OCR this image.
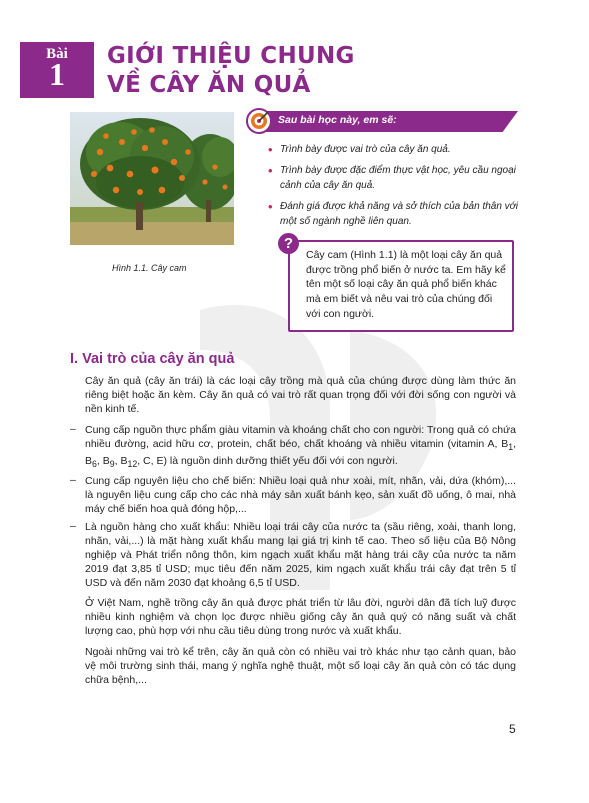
Bài
1	GIỚI THIỆU CHUNG
VỀ CÂY ĂN QUẢ
Hình 1.1. Cây cam
Sau bài học này, em sẽ:
• Trình bày được vai trò của cây ăn quả.
• Trình bày được đặc điểm thực vật học, yêu cầu ngoại cảnh của cây ăn quả.
• Đánh giá được khả năng và sở thích của bản thân với một số ngành nghề liên quan.
?
Cây cam (Hình 1.1) là một loại cây ăn quả được trồng phổ biến ở nước ta. Em hãy kể tên một số loại cây ăn quả phổ biến khác mà em biết và nêu vai trò của chúng đối với con người.
I. Vai trò của cây ăn quả
Cây ăn quả (cây ăn trái) là các loại cây trồng mà quả của chúng được dùng làm thức ăn riêng biệt hoặc ăn kèm. Cây ăn quả có vai trò rất quan trọng đối với đời sống con người và nền kinh tế.
– Cung cấp nguồn thực phẩm giàu vitamin và khoáng chất cho con người: Trong quả có chứa nhiều đường, acid hữu cơ, protein, chất béo, chất khoáng và nhiều vitamin (vitamin A, $B_1$, $B_6$, $B_9$, $B_{12}$, C, E) là nguồn dinh dưỡng thiết yếu đối với con người.
– Cung cấp nguyên liệu cho chế biến: Nhiều loại quả như xoài, mít, nhãn, vải, dứa (khóm),... là nguyên liệu cung cấp cho các nhà máy sản xuất bánh kẹo, sản xuất đồ uống, ô mai, nhà máy chế biến hoa quả đóng hộp,...
– Là nguồn hàng cho xuất khẩu: Nhiều loại trái cây của nước ta (sầu riêng, xoài, thanh long, nhãn, vải,...) là mặt hàng xuất khẩu mang lại giá trị kinh tế cao. Theo số liệu của Bộ Nông nghiệp và Phát triển nông thôn, kim ngạch xuất khẩu mặt hàng trái cây của nước ta năm 2019 đạt 3,85 tỉ USD; mục tiêu đến năm 2025, kim ngạch xuất khẩu trái cây đạt trên 5 tỉ USD và đến năm 2030 đạt khoảng 6,5 tỉ USD.
Ở Việt Nam, nghề trồng cây ăn quả được phát triển từ lâu đời, người dân đã tích luỹ được nhiều kinh nghiệm và chọn lọc được nhiều giống cây ăn quả quý có năng suất và chất lượng cao, phù hợp với nhu cầu tiêu dùng trong nước và xuất khẩu.
Ngoài những vai trò kể trên, cây ăn quả còn có nhiều vai trò khác như tạo cảnh quan, bảo vệ môi trường sinh thái, mang ý nghĩa nghệ thuật, một số loại cây ăn quả còn có tác dụng chữa bệnh,...
5
